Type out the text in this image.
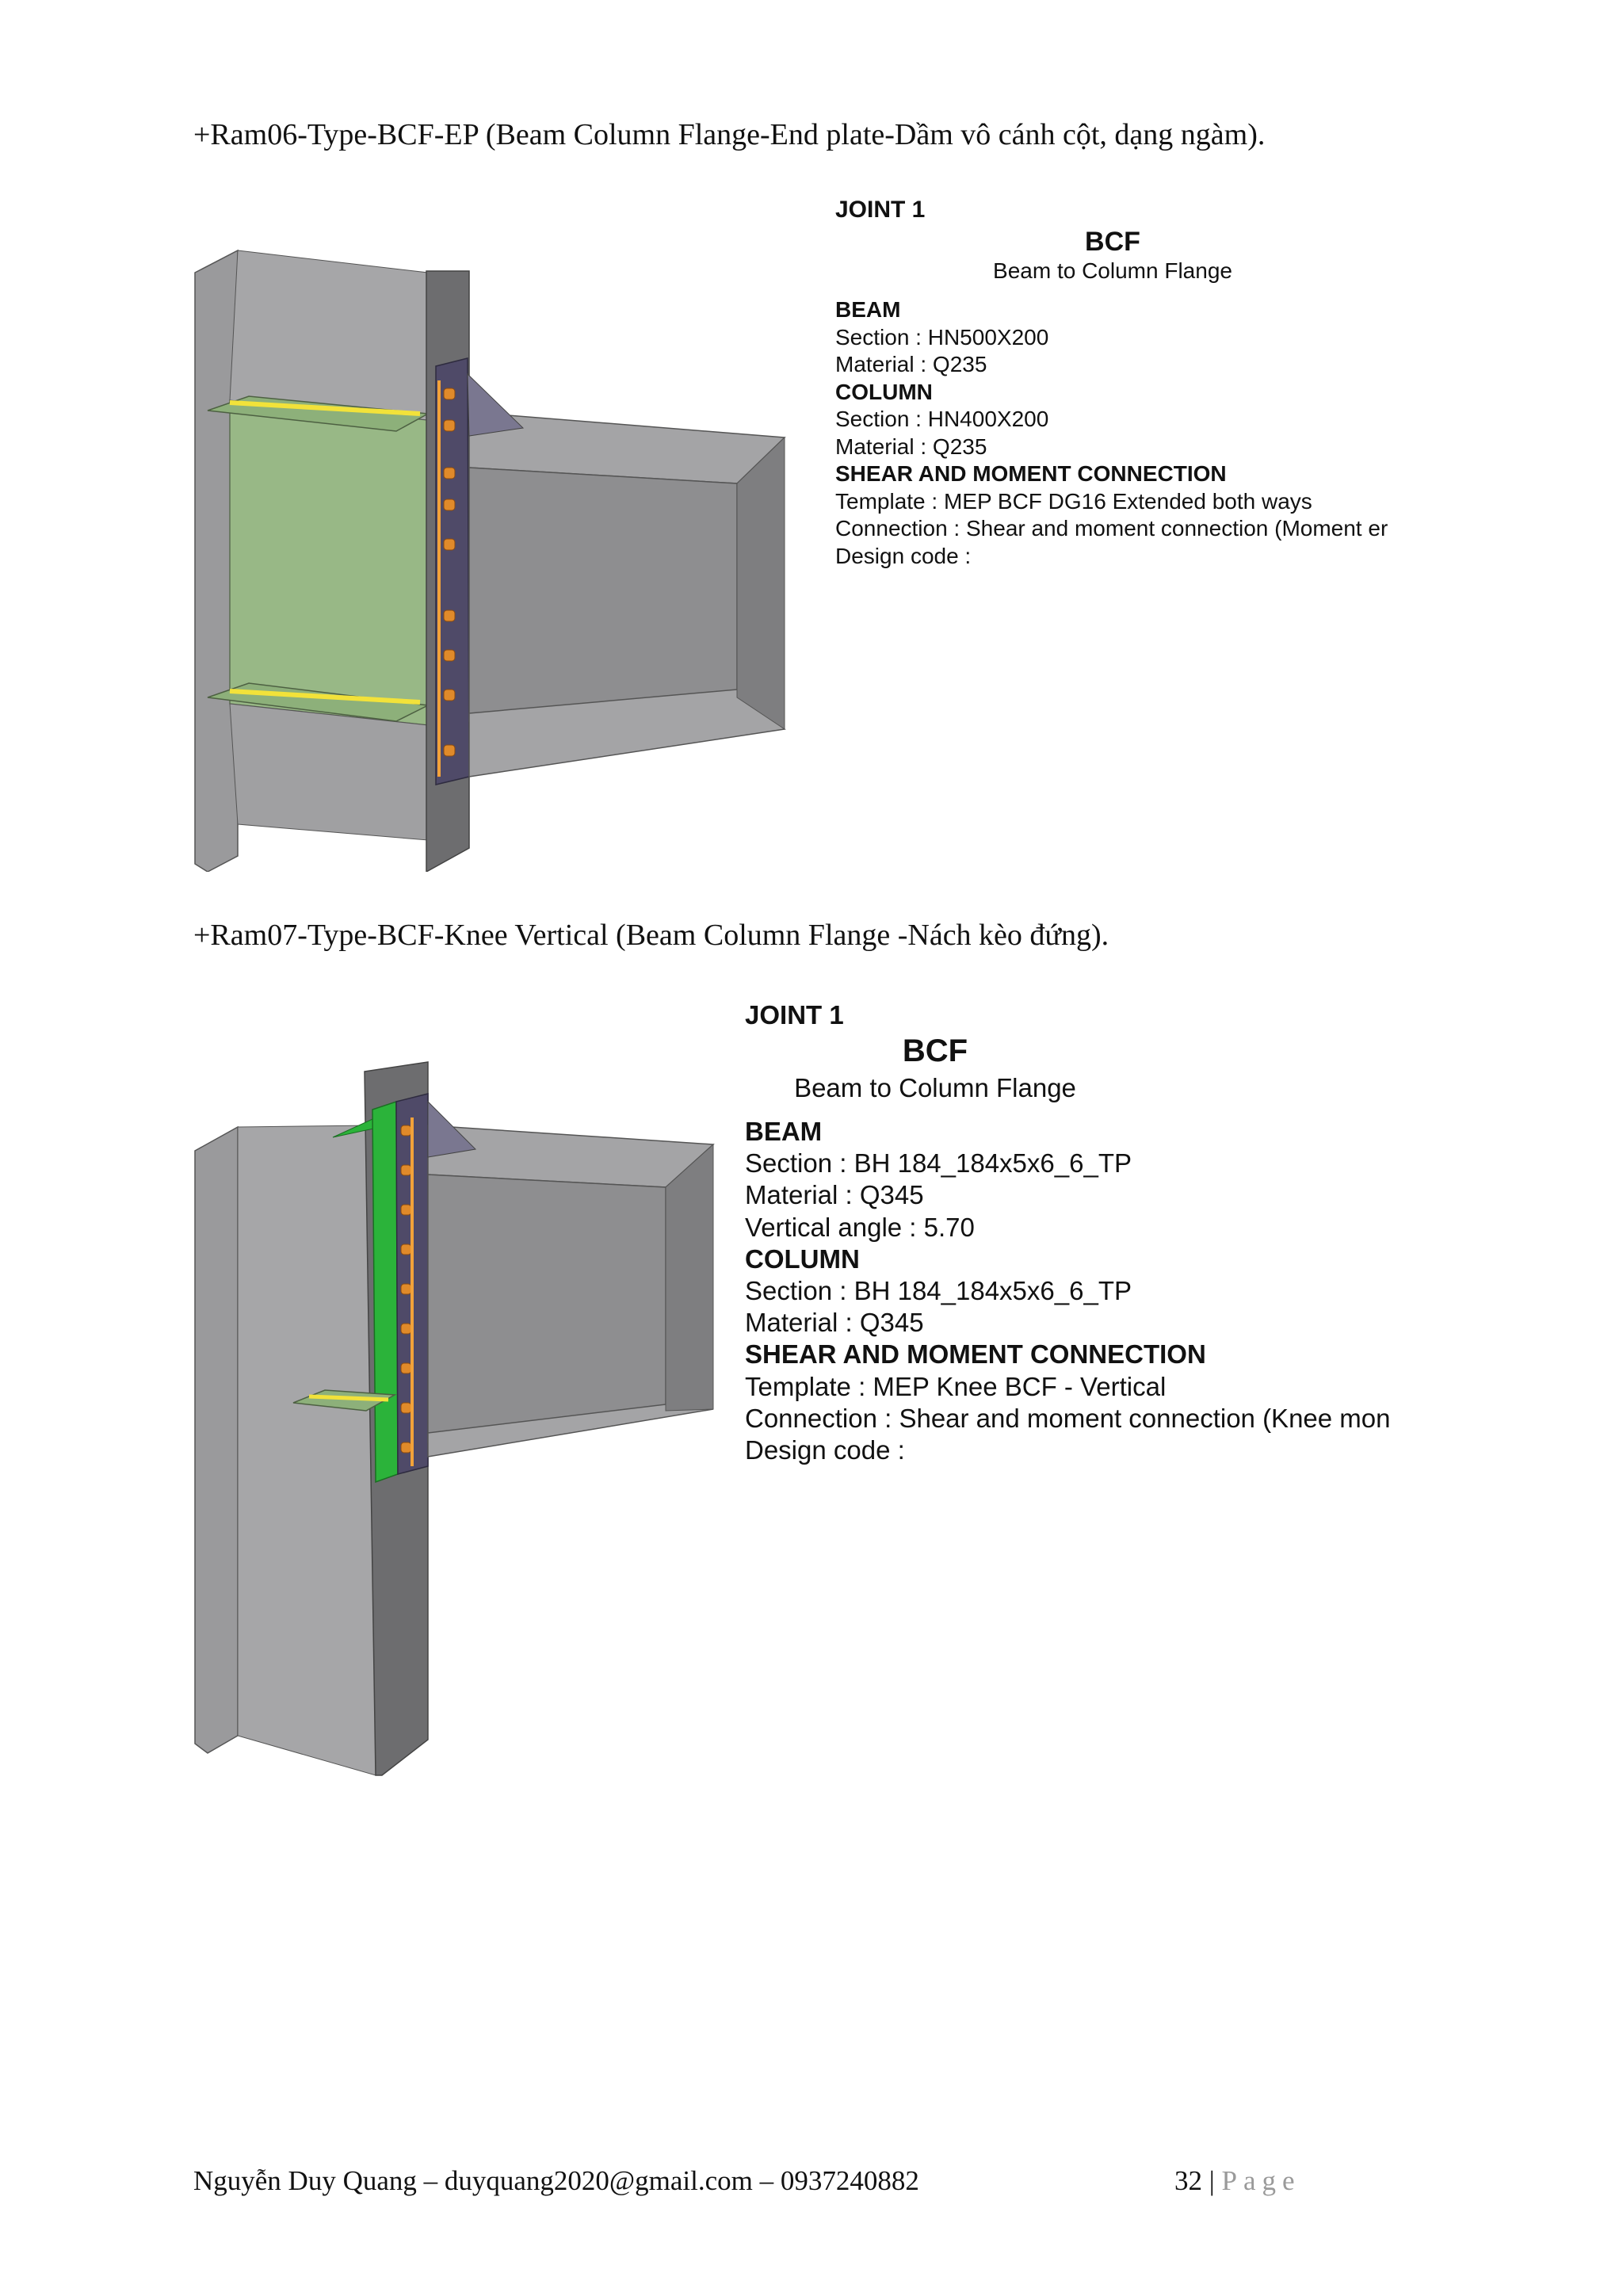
+Ram06-Type-BCF-EP (Beam Column Flange-End plate-Dầm vô cánh cột, dạng ngàm).
JOINT 1
BCF
Beam to Column Flange
BEAM
Section : HN500X200
Material : Q235
COLUMN
Section : HN400X200
Material : Q235
SHEAR AND MOMENT CONNECTION
Template : MEP BCF DG16 Extended both ways
Connection : Shear and moment connection (Moment er
Design code :
+Ram07-Type-BCF-Knee Vertical (Beam Column Flange -Nách kèo đứng).
JOINT 1
BCF
Beam to Column Flange
BEAM
Section : BH 184_184x5x6_6_TP
Material : Q345
Vertical angle : 5.70
COLUMN
Section : BH 184_184x5x6_6_TP
Material : Q345
SHEAR AND MOMENT CONNECTION
Template : MEP Knee BCF - Vertical
Connection : Shear and moment connection (Knee mon
Design code :
Nguyễn Duy Quang – duyquang2020@gmail.com – 0937240882	32 | Page
